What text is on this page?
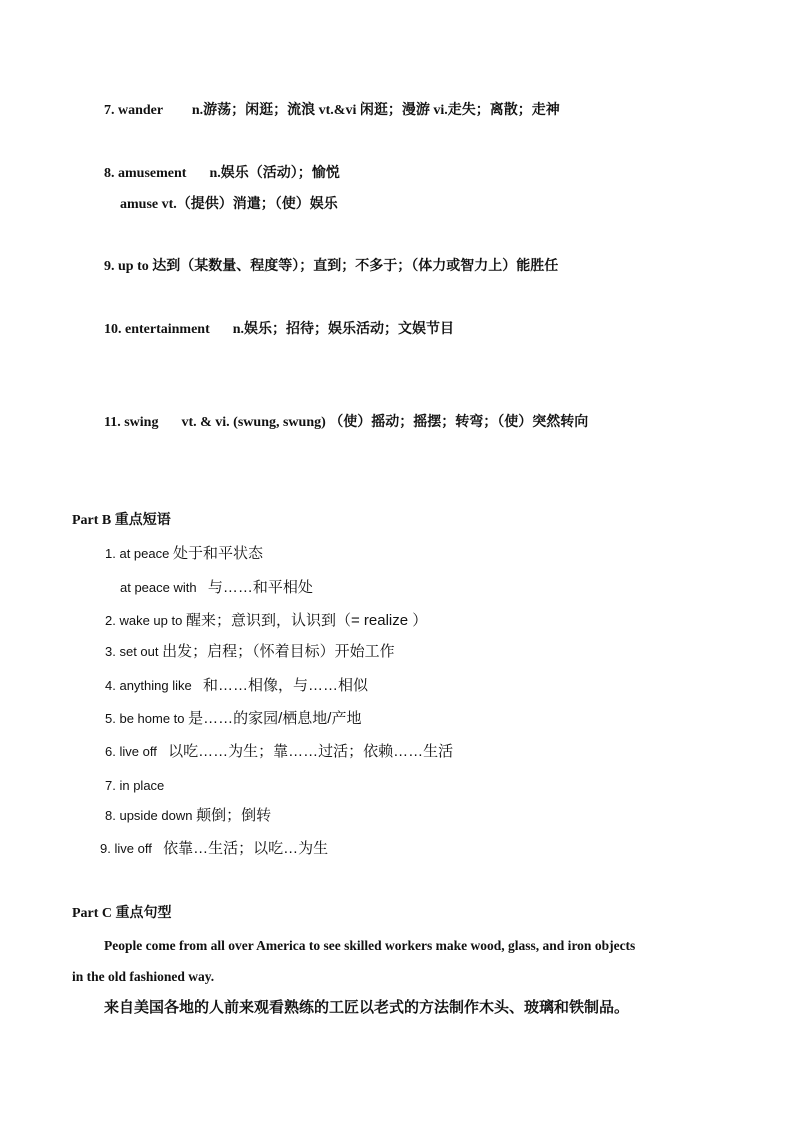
7. wander n.游荡；闲逛；流浪 vt.&vi 闲逛；漫游 vi.走失；离散；走神
8. amusement n.娱乐（活动）；愉悦
amuse vt.（提供）消遣；（使）娱乐
9. up to 达到（某数量、程度等）；直到；不多于；（体力或智力上）能胜任
10. entertainment n.娱乐；招待；娱乐活动；文娱节目
11. swing vt. & vi. (swung, swung) （使）摇动；摇摆；转弯；（使）突然转向
Part B 重点短语
1. at peace 处于和平状态
at peace with 与……和平相处
2. wake up to 醒来；意识到，认识到（= realize ）
3. set out 出发；启程；（怀着目标）开始工作
4. anything like 和……相像，与……相似
5. be home to 是……的家园/栖息地/产地
6. live off 以吃……为生；靠……过活；依赖……生活
7. in place
8. upside down 颠倒；倒转
9. live off 依靠…生活；以吃…为生
Part C 重点句型
People come from all over America to see skilled workers make wood, glass, and iron objects
in the old fashioned way.
来自美国各地的人前来观看熟练的工匠以老式的方法制作木头、玻璃和铁制品。
